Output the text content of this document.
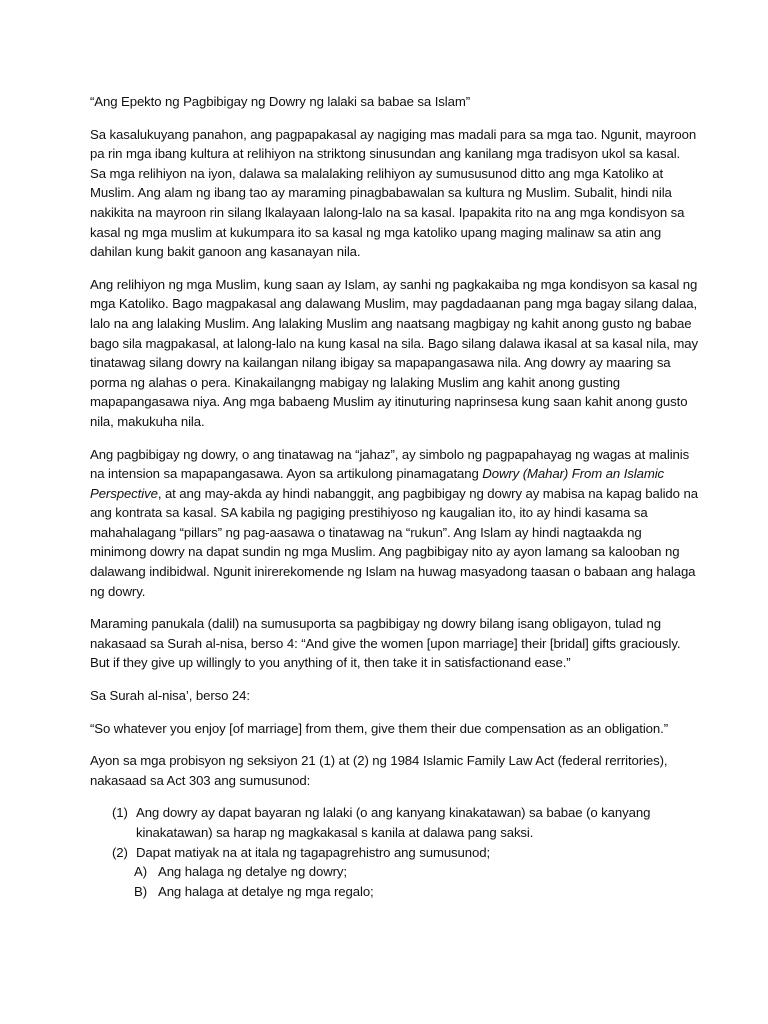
“Ang Epekto ng Pagbibigay ng Dowry ng lalaki sa babae sa Islam”
Sa kasalukuyang panahon, ang pagpapakasal ay nagiging mas madali para sa mga tao. Ngunit, mayroon
pa rin mga ibang kultura at relihiyon na striktong sinusundan ang kanilang mga tradisyon ukol sa kasal.
Sa mga relihiyon na iyon, dalawa sa malalaking relihiyon ay sumususunod ditto ang mga Katoliko at
Muslim. Ang alam ng ibang tao ay maraming pinagbabawalan sa kultura ng Muslim. Subalit, hindi nila
nakikita na mayroon rin silang lkalayaan lalong-lalo na sa kasal. Ipapakita rito na ang mga kondisyon sa
kasal ng mga muslim at kukumpara ito sa kasal ng mga katoliko upang maging malinaw sa atin ang
dahilan kung bakit ganoon ang kasanayan nila.
Ang relihiyon ng mga Muslim, kung saan ay Islam, ay sanhi ng pagkakaiba ng mga kondisyon sa kasal ng
mga Katoliko. Bago magpakasal ang dalawang Muslim, may pagdadaanan pang mga bagay silang dalaa,
lalo na ang lalaking Muslim. Ang lalaking Muslim ang naatsang magbigay ng kahit anong gusto ng babae
bago sila magpakasal, at lalong-lalo na kung kasal na sila. Bago silang dalawa ikasal at sa kasal nila, may
tinatawag silang dowry na kailangan nilang ibigay sa mapapangasawa nila. Ang dowry ay maaring sa
porma ng alahas o pera. Kinakailangng mabigay ng lalaking Muslim ang kahit anong gusting
mapapangasawa niya. Ang mga babaeng Muslim ay itinuturing naprinsesa kung saan kahit anong gusto
nila, makukuha nila.
Ang pagbibigay ng dowry, o ang tinatawag na “jahaz”, ay simbolo ng pagpapahayag ng wagas at malinis
na intension sa mapapangasawa. Ayon sa artikulong pinamagatang Dowry (Mahar) From an Islamic
Perspective, at ang may-akda ay hindi nabanggit, ang pagbibigay ng dowry ay mabisa na kapag balido na
ang kontrata sa kasal. SA kabila ng pagiging prestihiyoso ng kaugalian ito, ito ay hindi kasama sa
mahahalagang “pillars” ng pag-aasawa o tinatawag na “rukun”. Ang Islam ay hindi nagtaakda ng
minimong dowry na dapat sundin ng mga Muslim. Ang pagbibigay nito ay ayon lamang sa kalooban ng
dalawang indibidwal. Ngunit inirerekomende ng Islam na huwag masyadong taasan o babaan ang halaga
ng dowry.
Maraming panukala (dalil) na sumusuporta sa pagbibigay ng dowry bilang isang obligayon, tulad ng
nakasaad sa Surah al-nisa, berso 4: “And give the women [upon marriage] their [bridal] gifts graciously.
But if they give up willingly to you anything of it, then take it in satisfactionand ease.”
Sa Surah al-nisa’, berso 24:
“So whatever you enjoy [of marriage] from them, give them their due compensation as an obligation.”
Ayon sa mga probisyon ng seksiyon 21 (1) at (2) ng 1984 Islamic Family Law Act (federal rerritories),
nakasaad sa Act 303 ang sumusunod:
(1) Ang dowry ay dapat bayaran ng lalaki (o ang kanyang kinakatawan) sa babae (o kanyang
kinakatawan) sa harap ng magkakasal s kanila at dalawa pang saksi.
(2) Dapat matiyak na at itala ng tagapagrehistro ang sumusunod;
A) Ang halaga ng detalye ng dowry;
B) Ang halaga at detalye ng mga regalo;
